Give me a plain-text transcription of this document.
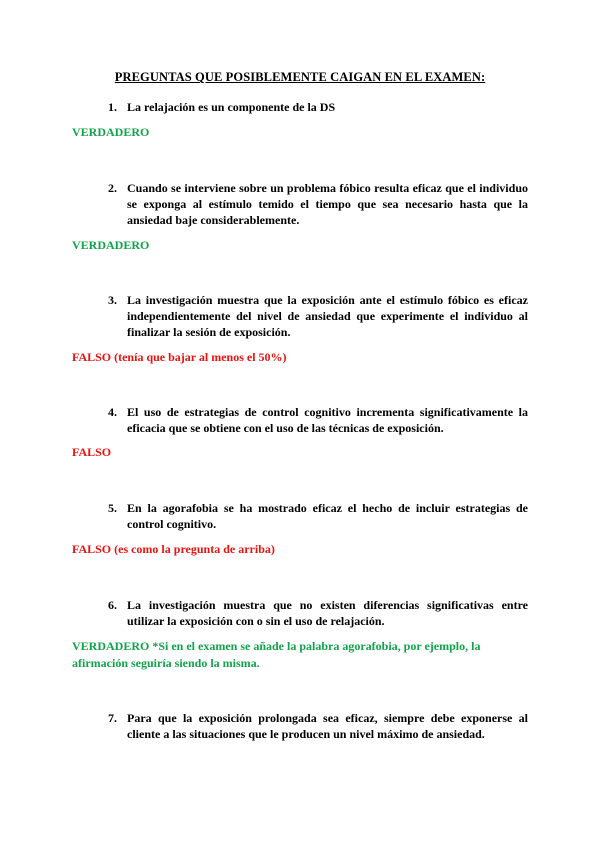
PREGUNTAS QUE POSIBLEMENTE CAIGAN EN EL EXAMEN:
1. La relajación es un componente de la DS
VERDADERO
2. Cuando se interviene sobre un problema fóbico resulta eficaz que el individuo se exponga al estímulo temido el tiempo que sea necesario hasta que la ansiedad baje considerablemente.
VERDADERO
3. La investigación muestra que la exposición ante el estímulo fóbico es eficaz independientemente del nivel de ansiedad que experimente el individuo al finalizar la sesión de exposición.
FALSO (tenía que bajar al menos el 50%)
4. El uso de estrategias de control cognitivo incrementa significativamente la eficacia que se obtiene con el uso de las técnicas de exposición.
FALSO
5. En la agorafobia se ha mostrado eficaz el hecho de incluir estrategias de control cognitivo.
FALSO (es como la pregunta de arriba)
6. La investigación muestra que no existen diferencias significativas entre utilizar la exposición con o sin el uso de relajación.
VERDADERO *Si en el examen se añade la palabra agorafobia, por ejemplo, la afirmación seguiría siendo la misma.
7. Para que la exposición prolongada sea eficaz, siempre debe exponerse al cliente a las situaciones que le producen un nivel máximo de ansiedad.
